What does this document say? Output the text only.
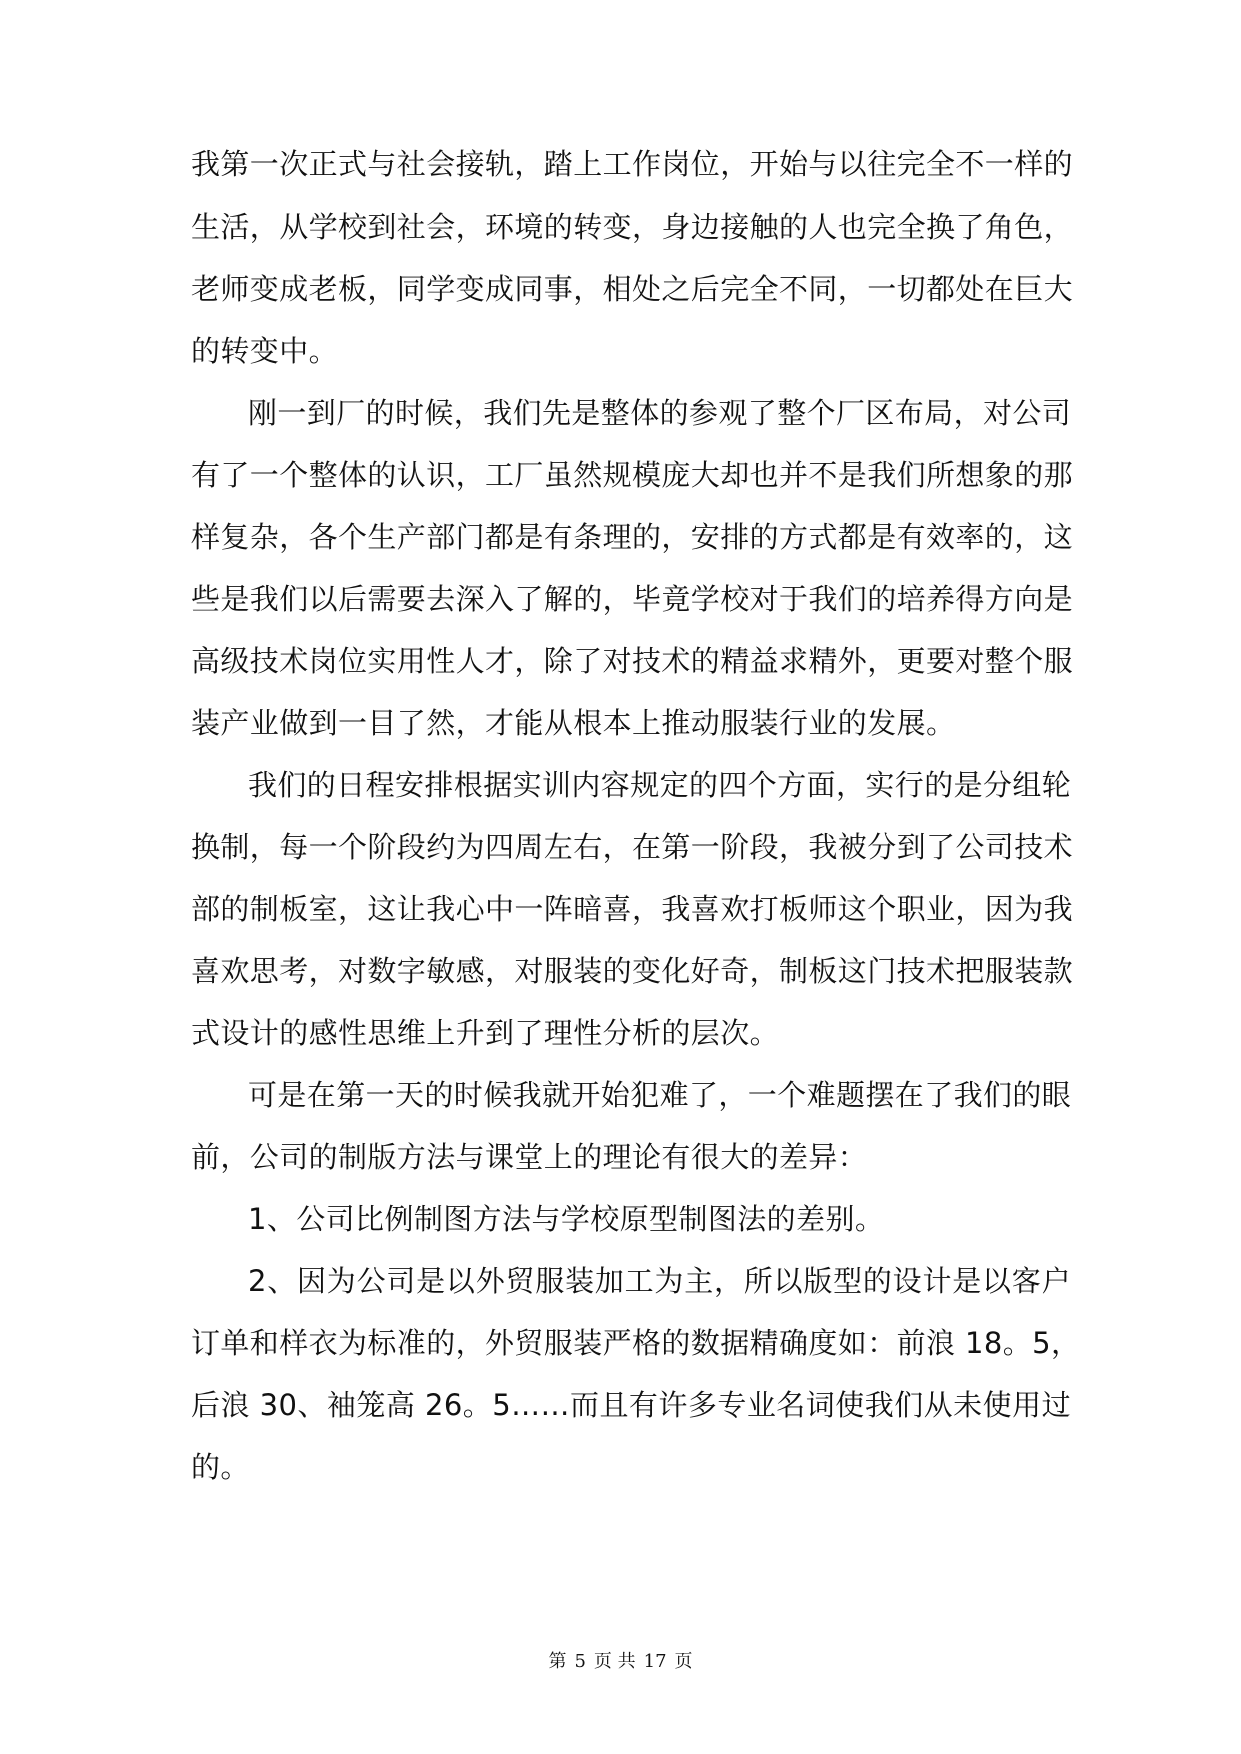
我第一次正式与社会接轨，踏上工作岗位，开始与以往完全不一样的
生活，从学校到社会，环境的转变，身边接触的人也完全换了角色，
老师变成老板，同学变成同事，相处之后完全不同，一切都处在巨大
的转变中。
刚一到厂的时候，我们先是整体的参观了整个厂区布局，对公司
有了一个整体的认识，工厂虽然规模庞大却也并不是我们所想象的那
样复杂，各个生产部门都是有条理的，安排的方式都是有效率的，这
些是我们以后需要去深入了解的，毕竟学校对于我们的培养得方向是
高级技术岗位实用性人才，除了对技术的精益求精外，更要对整个服
装产业做到一目了然，才能从根本上推动服装行业的发展。
我们的日程安排根据实训内容规定的四个方面，实行的是分组轮
换制，每一个阶段约为四周左右，在第一阶段，我被分到了公司技术
部的制板室，这让我心中一阵暗喜，我喜欢打板师这个职业，因为我
喜欢思考，对数字敏感，对服装的变化好奇，制板这门技术把服装款
式设计的感性思维上升到了理性分析的层次。
可是在第一天的时候我就开始犯难了，一个难题摆在了我们的眼
前，公司的制版方法与课堂上的理论有很大的差异：
1、公司比例制图方法与学校原型制图法的差别。
2、因为公司是以外贸服装加工为主，所以版型的设计是以客户
订单和样衣为标准的，外贸服装严格的数据精确度如：前浪 18。5，
后浪 30、袖笼高 26。5……而且有许多专业名词使我们从未使用过
的。
第 5 页 共 17 页
